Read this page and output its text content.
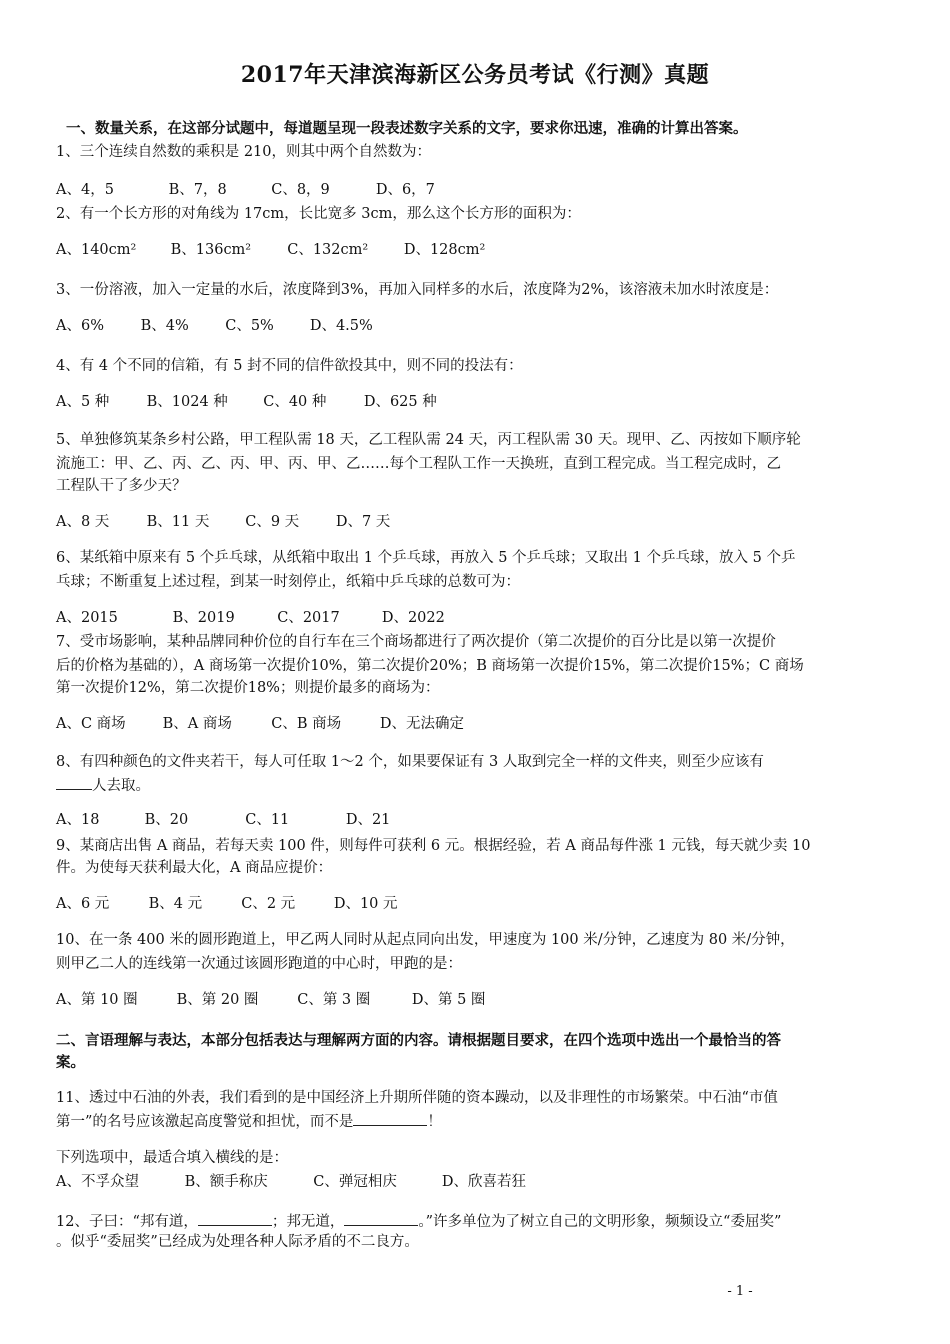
2017年天津滨海新区公务员考试《行测》真题
一、数量关系，在这部分试题中，每道题呈现一段表述数字关系的文字，要求你迅速，准确的计算出答案。
1、三个连续自然数的乘积是 210，则其中两个自然数为：
A、4，5	B、7，8	C、8，9	D、6，7
2、有一个长方形的对角线为 17cm，长比宽多 3cm，那么这个长方形的面积为：
A、140cm² B、136cm² C、132cm² D、128cm²
3、一份溶液，加入一定量的水后，浓度降到3%，再加入同样多的水后，浓度降为2%，该溶液未加水时浓度是：
A、6%	B、4%	C、5% D、4.5%
4、有 4 个不同的信箱，有 5 封不同的信件欲投其中，则不同的投法有：
A、5 种	B、1024 种 C、40 种	D、625 种
5、单独修筑某条乡村公路，甲工程队需 18 天，乙工程队需 24 天，丙工程队需 30 天。现甲、乙、丙按如下顺序轮
流施工：甲、乙、丙、乙、丙、甲、丙、甲、乙……每个工程队工作一天换班，直到工程完成。当工程完成时，乙
工程队干了多少天？
A、8 天	B、11 天 C、9 天	D、7 天
6、某纸箱中原来有 5 个乒乓球，从纸箱中取出 1 个乒乓球，再放入 5 个乒乓球；又取出 1 个乒乓球，放入 5 个乒
乓球；不断重复上述过程，到某一时刻停止，纸箱中乒乓球的总数可为：
A、2015	B、2019	C、2017	D、2022
7、受市场影响，某种品牌同种价位的自行车在三个商场都进行了两次提价（第二次提价的百分比是以第一次提价
后的价格为基础的），A 商场第一次提价10%，第二次提价20%；B 商场第一次提价15%，第二次提价15%；C 商场
第一次提价12%，第二次提价18%；则提价最多的商场为：
A、C 商场	B、A 商场	C、B 商场	D、无法确定
8、有四种颜色的文件夹若干，每人可任取 1～2 个，如果要保证有 3 人取到完全一样的文件夹，则至少应该有
人去取。
A、18	B、20	C、11	D、21
9、某商店出售 A 商品，若每天卖 100 件，则每件可获利 6 元。根据经验，若 A 商品每件涨 1 元钱，每天就少卖 10
件。为使每天获利最大化，A 商品应提价：
A、6 元	B、4 元	C、2 元	D、10 元
10、在一条 400 米的圆形跑道上，甲乙两人同时从起点同向出发，甲速度为 100 米/分钟，乙速度为 80 米/分钟，
则甲乙二人的连线第一次通过该圆形跑道的中心时，甲跑的是：
A、第 10 圈	B、第 20 圈	C、第 3 圈	D、第 5 圈
二、言语理解与表达，本部分包括表达与理解两方面的内容。请根据题目要求，在四个选项中选出一个最恰当的答
案。
11、透过中石油的外表，我们看到的是中国经济上升期所伴随的资本躁动，以及非理性的市场繁荣。中石油“市值
第一”的名号应该激起高度警觉和担忧，而不是	！
下列选项中，最适合填入横线的是：
A、不孚众望	B、额手称庆	C、弹冠相庆	D、欣喜若狂
12、子曰：“邦有道，	；邦无道，	。”许多单位为了树立自己的文明形象，频频设立“委屈奖”
。似乎“委屈奖”已经成为处理各种人际矛盾的不二良方。
- 1 -
